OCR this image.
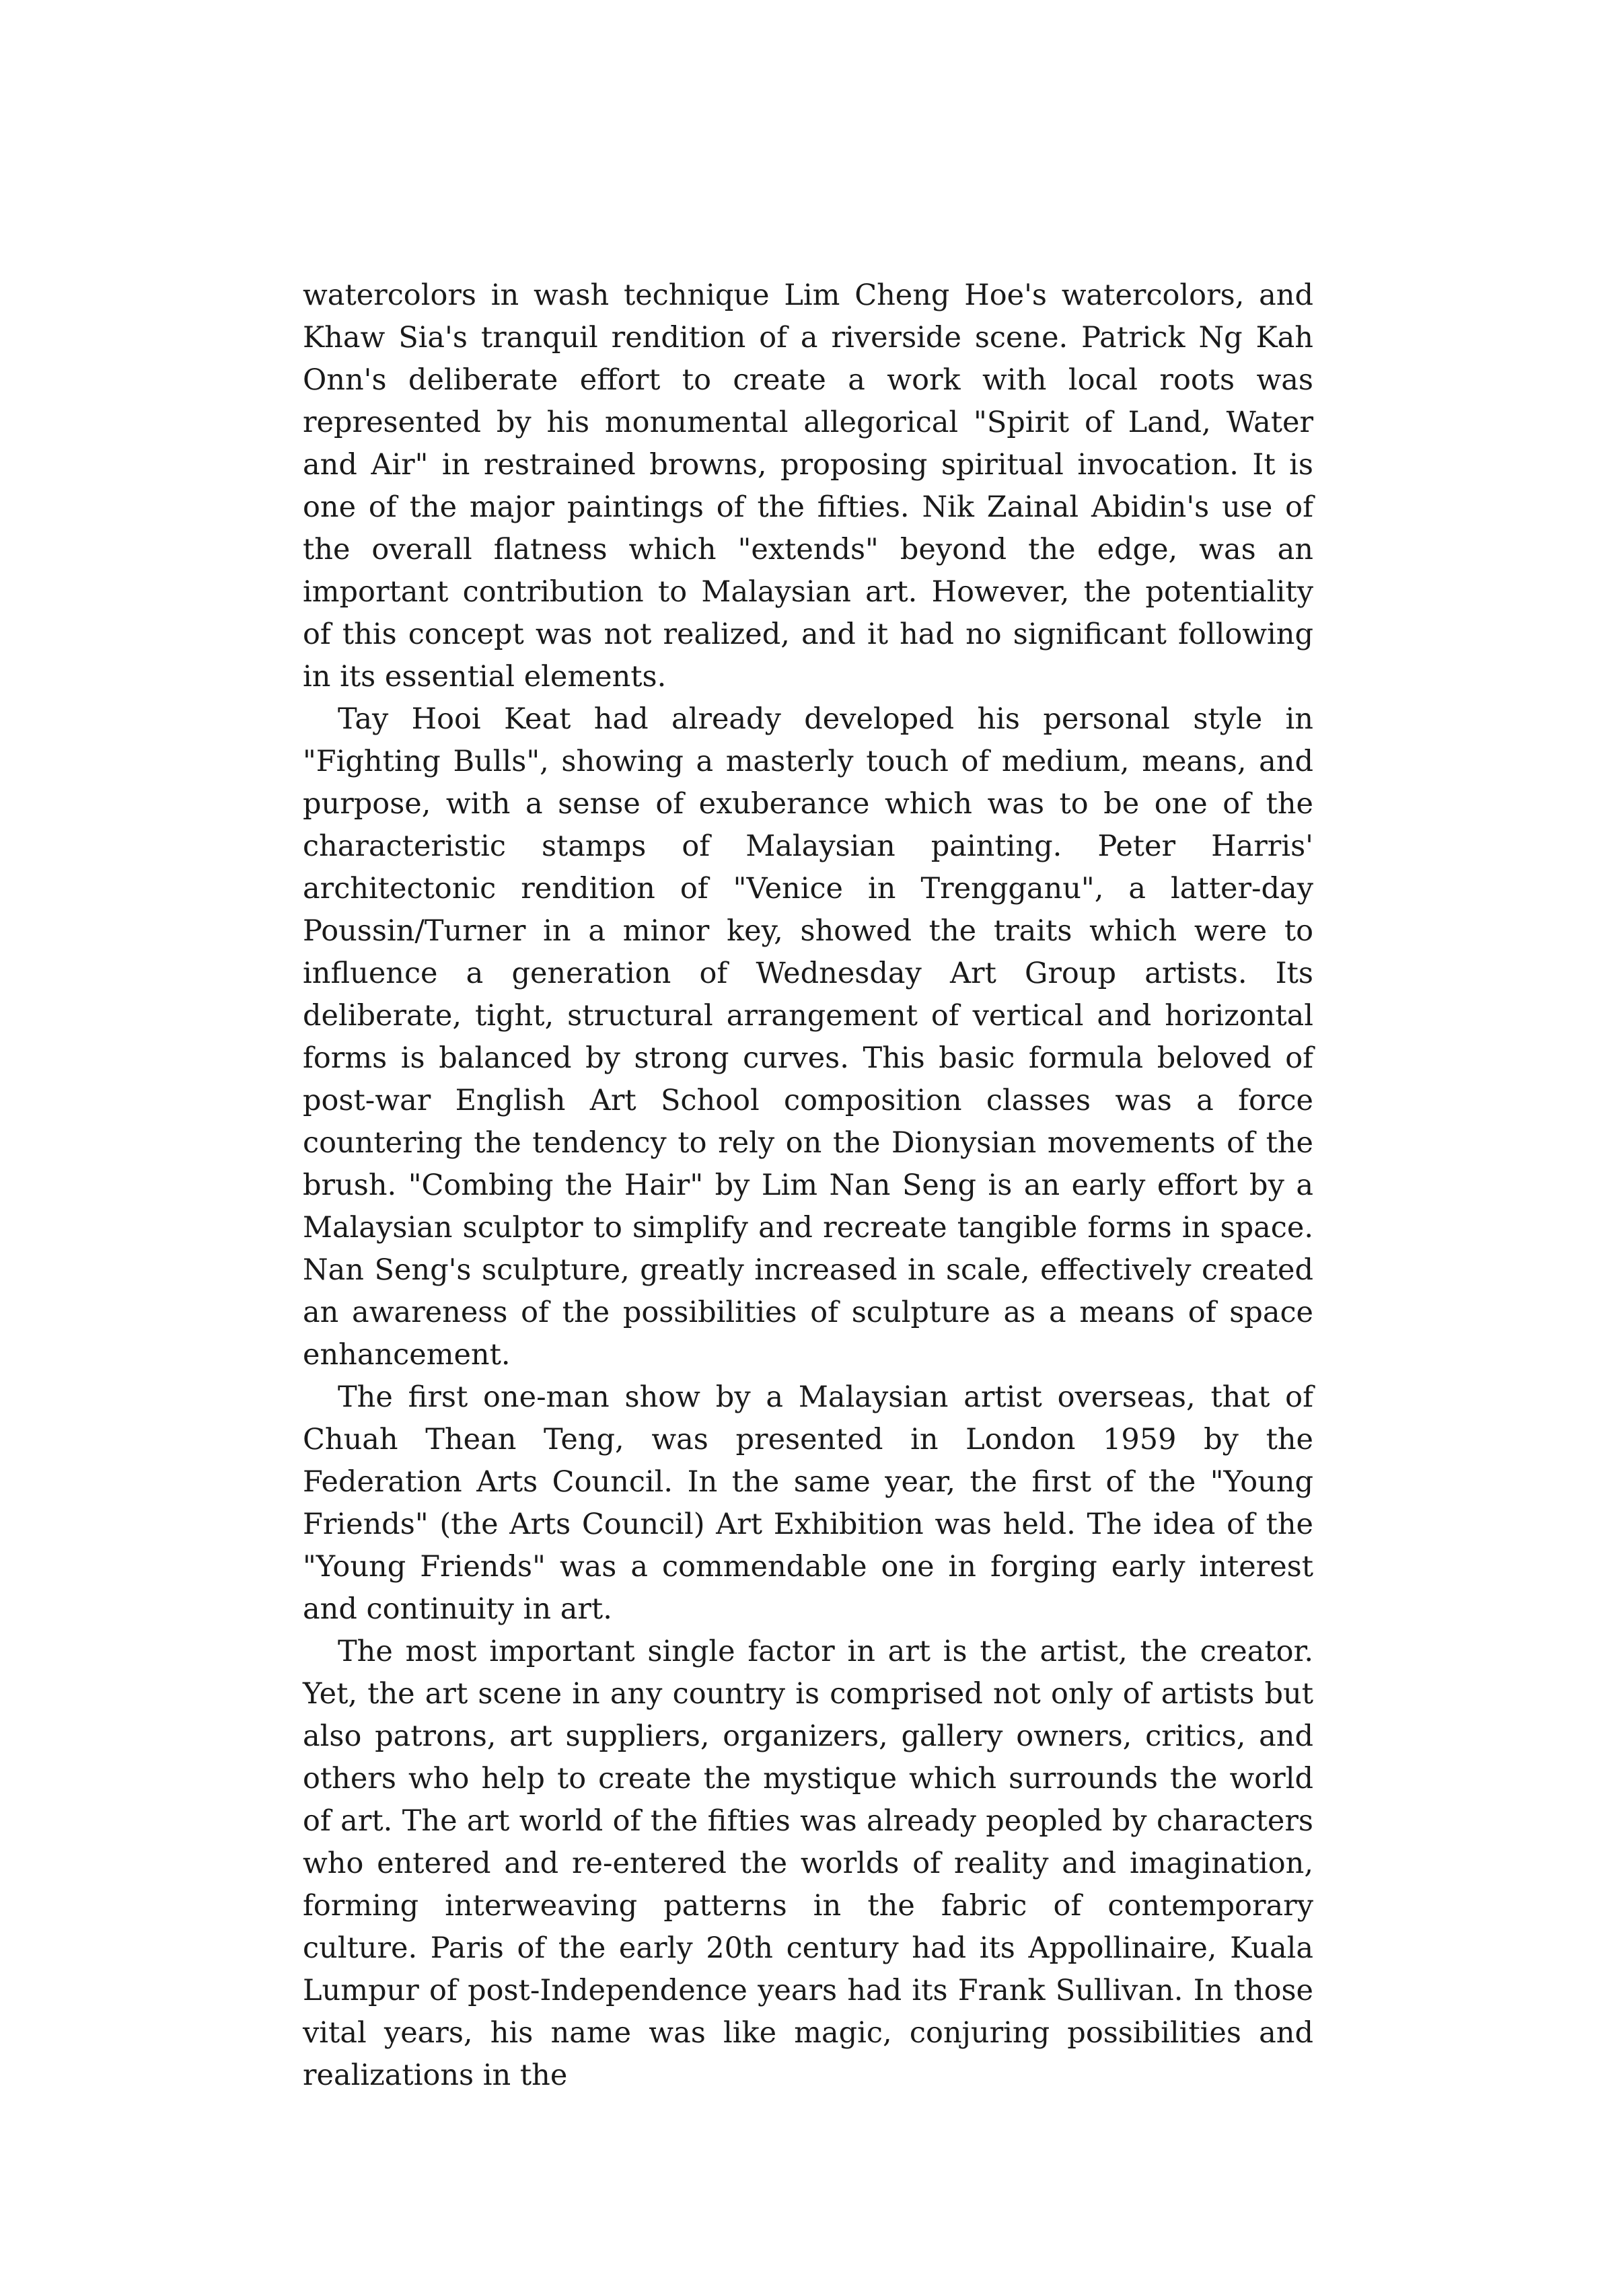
watercolors in wash technique Lim Cheng Hoe's watercolors, and Khaw Sia's tranquil rendition of a riverside scene. Patrick Ng Kah Onn's deliberate effort to create a work with local roots was represented by his monumental allegorical "Spirit of Land, Water and Air" in restrained browns, proposing spiritual invocation. It is one of the major paintings of the fifties. Nik Zainal Abidin's use of the overall flatness which "extends" beyond the edge, was an important contribution to Malaysian art. However, the potentiality of this concept was not realized, and it had no significant following in its essential elements.

Tay Hooi Keat had already developed his personal style in "Fighting Bulls", showing a masterly touch of medium, means, and purpose, with a sense of exuberance which was to be one of the characteristic stamps of Malaysian painting. Peter Harris' architectonic rendition of "Venice in Trengganu", a latter-day Poussin/Turner in a minor key, showed the traits which were to influence a generation of Wednesday Art Group artists. Its deliberate, tight, structural arrangement of vertical and horizontal forms is balanced by strong curves. This basic formula beloved of post-war English Art School composition classes was a force countering the tendency to rely on the Dionysian movements of the brush. "Combing the Hair" by Lim Nan Seng is an early effort by a Malaysian sculptor to simplify and recreate tangible forms in space. Nan Seng's sculpture, greatly increased in scale, effectively created an awareness of the possibilities of sculpture as a means of space enhancement.

The first one-man show by a Malaysian artist overseas, that of Chuah Thean Teng, was presented in London 1959 by the Federation Arts Council. In the same year, the first of the "Young Friends" (the Arts Council) Art Exhibition was held. The idea of the "Young Friends" was a commendable one in forging early interest and continuity in art.

The most important single factor in art is the artist, the creator. Yet, the art scene in any country is comprised not only of artists but also patrons, art suppliers, organizers, gallery owners, critics, and others who help to create the mystique which surrounds the world of art. The art world of the fifties was already peopled by characters who entered and re-entered the worlds of reality and imagination, forming interweaving patterns in the fabric of contemporary culture. Paris of the early 20th century had its Appollinaire, Kuala Lumpur of post-Independence years had its Frank Sullivan. In those vital years, his name was like magic, conjuring possibilities and realizations in the
